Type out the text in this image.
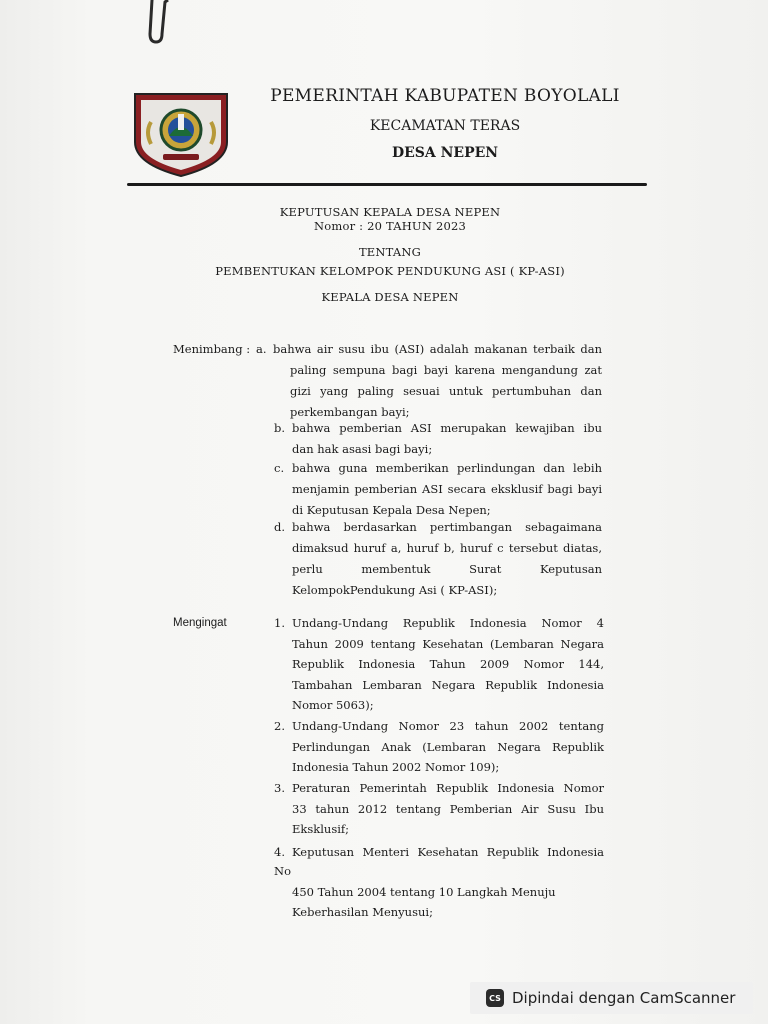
PEMERINTAH KABUPATEN BOYOLALI
KECAMATAN TERAS
DESA NEPEN
KEPUTUSAN KEPALA DESA NEPEN
Nomor : 20 TAHUN 2023
TENTANG
PEMBENTUKAN KELOMPOK PENDUKUNG ASI ( KP-ASI)
KEPALA DESA NEPEN
Menimbang : a. bahwa air susu ibu (ASI) adalah makanan terbaik dan
paling sempuna bagi bayi karena mengandung zat
gizi yang paling sesuai untuk pertumbuhan dan
perkembangan bayi;
b. bahwa pemberian ASI merupakan kewajiban ibu
dan hak asasi bagi bayi;
c. bahwa guna memberikan perlindungan dan lebih
menjamin pemberian ASI secara eksklusif bagi bayi
di Keputusan Kepala Desa Nepen;
d. bahwa berdasarkan pertimbangan sebagaimana
dimaksud huruf a, huruf b, huruf c tersebut diatas,
perlu membentuk Surat Keputusan
KelompokPendukung Asi ( KP-ASI);
Mengingat	1. Undang-Undang Republik Indonesia Nomor 4
Tahun 2009 tentang Kesehatan (Lembaran Negara
Republik Indonesia Tahun 2009 Nomor 144,
Tambahan Lembaran Negara Republik Indonesia
Nomor 5063);
2. Undang-Undang Nomor 23 tahun 2002 tentang
Perlindungan Anak (Lembaran Negara Republik
Indonesia Tahun 2002 Nomor 109);
3. Peraturan Pemerintah Republik Indonesia Nomor
33 tahun 2012 tentang Pemberian Air Susu Ibu
Eksklusif;
4. Keputusan Menteri Kesehatan Republik Indonesia
No
450 Tahun 2004 tentang 10 Langkah Menuju
Keberhasilan Menyusui;
CS Dipindai dengan CamScanner
